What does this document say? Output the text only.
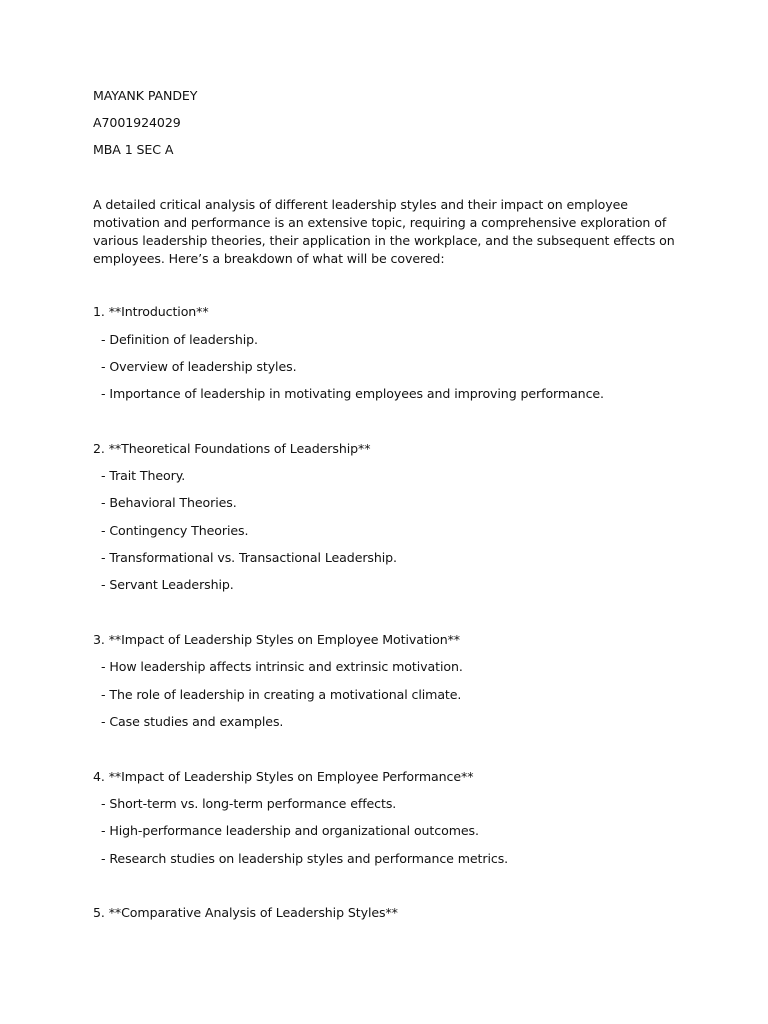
MAYANK PANDEY
A7001924029
MBA 1 SEC A
A detailed critical analysis of different leadership styles and their impact on employee motivation and performance is an extensive topic, requiring a comprehensive exploration of various leadership theories, their application in the workplace, and the subsequent effects on employees. Here’s a breakdown of what will be covered:
1. **Introduction**
- Definition of leadership.
- Overview of leadership styles.
- Importance of leadership in motivating employees and improving performance.
2. **Theoretical Foundations of Leadership**
- Trait Theory.
- Behavioral Theories.
- Contingency Theories.
- Transformational vs. Transactional Leadership.
- Servant Leadership.
3. **Impact of Leadership Styles on Employee Motivation**
- How leadership affects intrinsic and extrinsic motivation.
- The role of leadership in creating a motivational climate.
- Case studies and examples.
4. **Impact of Leadership Styles on Employee Performance**
- Short-term vs. long-term performance effects.
- High-performance leadership and organizational outcomes.
- Research studies on leadership styles and performance metrics.
5. **Comparative Analysis of Leadership Styles**
